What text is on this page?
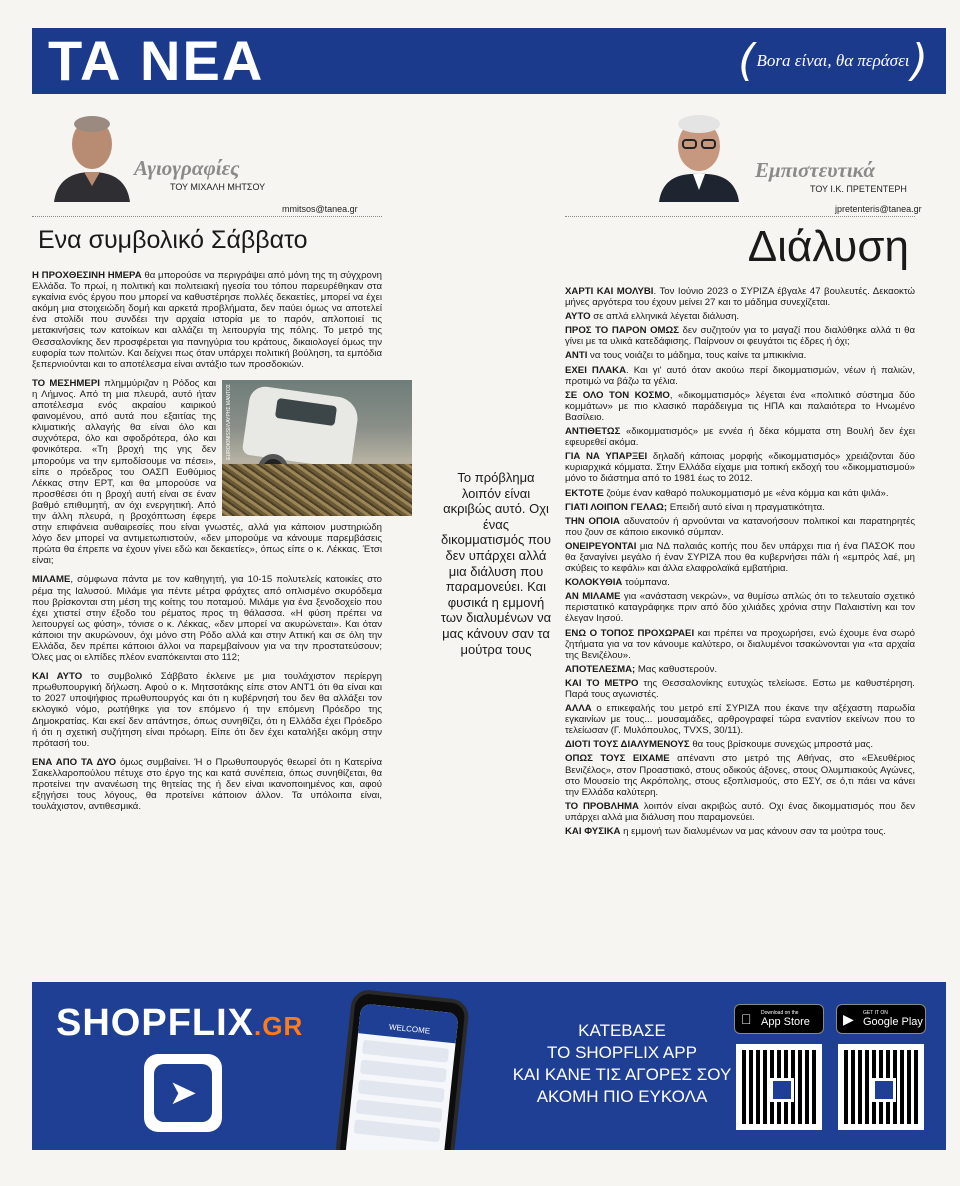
ΤΑ ΝΕΑ	( Βοra είναι, θα περάσει )
Αγιογραφίες
ΤΟΥ ΜΙΧΑΛΗ ΜΗΤΣΟΥ
mmitsos@tanea.gr
Ενα συμβολικό Σάββατο

Η ΠΡΟΧΘΕΣΙΝΗ ΗΜΕΡΑ θα μπορούσε να περιγράψει από μόνη της τη σύγχρονη Ελλάδα. Το πρωί, η πολιτική και πολιτειακή ηγεσία του τόπου παρευρέθηκαν στα εγκαίνια ενός έργου που μπορεί να καθυστέρησε πολλές δεκαετίες, μπορεί να έχει ακόμη μια στοιχειώδη δομή και αρκετά προβλήματα, δεν παύει όμως να αποτελεί ένα στολίδι που συνδέει την αρχαία ιστορία με το παρόν, απλοποιεί τις μετακινήσεις των κατοίκων και αλλάζει τη λειτουργία της πόλης. Το μετρό της Θεσσαλονίκης δεν προσφέρεται για πανηγύρια του κράτους, δικαιολογεί όμως την ευφορία των πολιτών. Και δείχνει πως όταν υπάρχει πολιτική βούληση, τα εμπόδια ξεπερνιούνται και το αποτέλεσμα είναι αντάξιο των προσδοκιών.

EUROKINISSI/ΛΑΥΡΗΣ ΜΑΝΤΟΣ
ΤΟ ΜΕΣΗΜΕΡΙ πλημμύριζαν η Ρόδος και η Λήμνος. Από τη μια πλευρά, αυτό ήταν αποτέλεσμα ενός ακραίου καιρικού φαινομένου, από αυτά που εξαιτίας της κλιματικής αλλαγής θα είναι όλο και συχνότερα, όλο και σφοδρότερα, όλο και φονικότερα. «Τη βροχή της γης δεν μπορούμε να την εμποδίσουμε να πέσει», είπε ο πρόεδρος του ΟΑΣΠ Ευθύμιος Λέκκας στην ΕΡΤ, και θα μπορούσε να προσθέσει ότι η βροχή αυτή είναι σε έναν βαθμό επιθυμητή, αν όχι ενεργητική. Από την άλλη πλευρά, η βροχόπτωση έφερε στην επιφάνεια αυθαιρεσίες που είναι γνωστές, αλλά για κάποιον μυστηριώδη λόγο δεν μπορεί να αντιμετωπιστούν, «δεν μπορούμε να κάνουμε παρεμβάσεις πρώτα θα έπρεπε να έχουν γίνει εδώ και δεκαετίες», όπως είπε ο κ. Λέκκας. Έτσι είναι;

ΜΙΛΑΜΕ, σύμφωνα πάντα με τον καθηγητή, για 10-15 πολυτελείς κατοικίες στο ρέμα της Ιαλυσού. Μιλάμε για πέντε μέτρα φράχτες από οπλισμένο σκυρόδεμα που βρίσκονται στη μέση της κοίτης του ποταμού. Μιλάμε για ένα ξενοδοχείο που έχει χτιστεί στην έξοδο του ρέματος προς τη θάλασσα. «Η φύση πρέπει να λειτουργεί ως φύση», τόνισε ο κ. Λέκκας, «δεν μπορεί να ακυρώνεται». Και όταν κάποιοι την ακυρώνουν, όχι μόνο στη Ρόδο αλλά και στην Αττική και σε όλη την Ελλάδα, δεν πρέπει κάποιοι άλλοι να παρεμβαίνουν για να την προστατεύσουν; Όλες μας οι ελπίδες πλέον εναπόκεινται στο 112;

ΚΑΙ ΑΥΤΟ το συμβολικό Σάββατο έκλεινε με μια τουλάχιστον περίεργη πρωθυπουργική δήλωση. Αφού ο κ. Μητσοτάκης είπε στον ΑΝΤ1 ότι θα είναι και το 2027 υποψήφιος πρωθυπουργός και ότι η κυβέρνησή του δεν θα αλλάξει τον εκλογικό νόμο, ρωτήθηκε για τον επόμενο ή την επόμενη Πρόεδρο της Δημοκρατίας. Και εκεί δεν απάντησε, όπως συνηθίζει, ότι η Ελλάδα έχει Πρόεδρο ή ότι η σχετική συζήτηση είναι πρόωρη. Είπε ότι δεν έχει καταλήξει ακόμη στην πρότασή του.

ΕΝΑ ΑΠΟ ΤΑ ΔΥΟ όμως συμβαίνει. Ή ο Πρωθυπουργός θεωρεί ότι η Κατερίνα Σακελλαροπούλου πέτυχε στο έργο της και κατά συνέπεια, όπως συνηθίζεται, θα προτείνει την ανανέωση της θητείας της ή δεν είναι ικανοποιημένος και, αφού εξηγήσει τους λόγους, θα προτείνει κάποιον άλλον. Τα υπόλοιπα είναι, τουλάχιστον, αντιθεσμικά.

Το πρόβλημα λοιπόν είναι ακριβώς αυτό. Οχι ένας δικομματισμός που δεν υπάρχει αλλά μια διάλυση που παραμονεύει. Και φυσικά η εμμονή των διαλυμένων να μας κάνουν σαν τα μούτρα τους
Εμπιστευτικά
ΤΟΥ Ι.Κ. ΠΡΕΤΕΝΤΕΡΗ
jpretenteris@tanea.gr
Διάλυση

ΧΑΡΤΙ ΚΑΙ ΜΟΛΥΒΙ. Τον Ιούνιο 2023 ο ΣΥΡΙΖΑ έβγαλε 47 βουλευτές. Δεκαοκτώ μήνες αργότερα του έχουν μείνει 27 και το μάδημα συνεχίζεται.

ΑΥΤΟ σε απλά ελληνικά λέγεται διάλυση.

ΠΡΟΣ ΤΟ ΠΑΡΟΝ ΟΜΩΣ δεν συζητούν για το μαγαζί που διαλύθηκε αλλά τι θα γίνει με τα υλικά κατεδάφισης. Παίρνουν οι φευγάτοι τις έδρες ή όχι;

ΑΝΤΙ να τους νοιάζει το μάδημα, τους καίνε τα μπικικίνια.

ΕΧΕΙ ΠΛΑΚΑ. Και γι' αυτό όταν ακούω περί δικομματισμών, νέων ή παλιών, προτιμώ να βάζω τα γέλια.

ΣΕ ΟΛΟ ΤΟΝ ΚΟΣΜΟ, «δικομματισμός» λέγεται ένα «πολιτικό σύστημα δύο κομμάτων» με πιο κλασικό παράδειγμα τις ΗΠΑ και παλαιότερα το Ηνωμένο Βασίλειο.

ΑΝΤΙΘΕΤΩΣ «δικομματισμός» με εννέα ή δέκα κόμματα στη Βουλή δεν έχει εφευρεθεί ακόμα.

ΓΙΑ ΝΑ ΥΠΑΡΞΕΙ δηλαδή κάποιας μορφής «δικομματισμός» χρειάζονται δύο κυριαρχικά κόμματα. Στην Ελλάδα είχαμε μια τοπική εκδοχή του «δικομματισμού» μόνο το διάστημα από το 1981 έως το 2012.

ΕΚΤΟΤΕ ζούμε έναν καθαρό πολυκομματισμό με «ένα κόμμα και κάτι ψιλά».

ΓΙΑΤΙ ΛΟΙΠΟΝ ΓΕΛΑΩ; Επειδή αυτό είναι η πραγματικότητα.

ΤΗΝ ΟΠΟΙΑ αδυνατούν ή αρνούνται να κατανοήσουν πολιτικοί και παρατηρητές που ζουν σε κάποιο εικονικό σύμπαν.

ΟΝΕΙΡΕΥΟΝΤΑΙ μια ΝΔ παλαιάς κοπής που δεν υπάρχει πια ή ένα ΠΑΣΟΚ που θα ξαναγίνει μεγάλο ή έναν ΣΥΡΙΖΑ που θα κυβερνήσει πάλι ή «εμπρός λαέ, μη σκύβεις το κεφάλι» και άλλα ελαφρολαϊκά εμβατήρια.

ΚΟΛΟΚΥΘΙΑ τούμπανα.

ΑΝ ΜΙΛΑΜΕ για «ανάσταση νεκρών», να θυμίσω απλώς ότι το τελευταίο σχετικό περιστατικό καταγράφηκε πριν από δύο χιλιάδες χρόνια στην Παλαιστίνη και τον έλεγαν Ιησού.

ΕΝΩ Ο ΤΟΠΟΣ ΠΡΟΧΩΡΑΕΙ και πρέπει να προχωρήσει, ενώ έχουμε ένα σωρό ζητήματα για να τον κάνουμε καλύτερο, οι διαλυμένοι τσακώνονται για «τα αρχαία της Βενιζέλου».

ΑΠΟΤΕΛΕΣΜΑ; Μας καθυστερούν.

ΚΑΙ ΤΟ ΜΕΤΡΟ της Θεσσαλονίκης ευτυχώς τελείωσε. Εστω με καθυστέρηση. Παρά τους αγωνιστές.

ΑΛΛΑ ο επικεφαλής του μετρό επί ΣΥΡΙΖΑ που έκανε την αξέχαστη παρωδία εγκαινίων με τους... μουσαμάδες, αρθρογραφεί τώρα εναντίον εκείνων που το τελείωσαν (Γ. Μυλόπουλος, TVXS, 30/11).

ΔΙΟΤΙ ΤΟΥΣ ΔΙΑΛΥΜΕΝΟΥΣ θα τους βρίσκουμε συνεχώς μπροστά μας.

ΟΠΩΣ ΤΟΥΣ ΕΙΧΑΜΕ απέναντι στο μετρό της Αθήνας, στο «Ελευθέριος Βενιζέλος», στον Προαστιακό, στους οδικούς άξονες, στους Ολυμπιακούς Αγώνες, στο Μουσείο της Ακρόπολης, στους εξοπλισμούς, στο ΕΣΥ, σε ό,τι πάει να κάνει την Ελλάδα καλύτερη.

ΤΟ ΠΡΟΒΛΗΜΑ λοιπόν είναι ακριβώς αυτό. Οχι ένας δικομματισμός που δεν υπάρχει αλλά μια διάλυση που παραμονεύει.

ΚΑΙ ΦΥΣΙΚΑ η εμμονή των διαλυμένων να μας κάνουν σαν τα μούτρα τους.

SHOPFLIX.GR
➤
WELCOME	ΚΑΤΕΒΑΣΕ
ΤΟ SHOPFLIX APP
ΚΑΙ ΚΑΝΕ ΤΙΣ ΑΓΟΡΕΣ ΣΟΥ
ΑΚΟΜΗ ΠΙΟ ΕΥΚΟΛΑ
Download on the
App Store	▶ GET IT ON
Google Play
